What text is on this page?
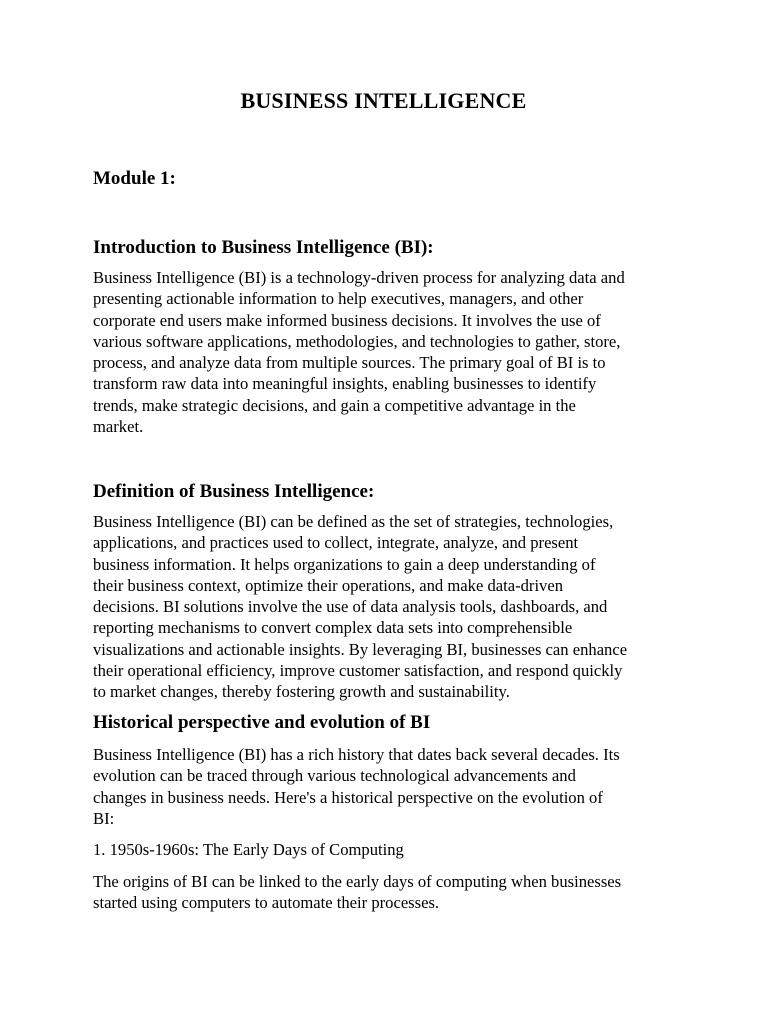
BUSINESS INTELLIGENCE
Module 1:
Introduction to Business Intelligence (BI):

Business Intelligence (BI) is a technology-driven process for analyzing data and
presenting actionable information to help executives, managers, and other
corporate end users make informed business decisions. It involves the use of
various software applications, methodologies, and technologies to gather, store,
process, and analyze data from multiple sources. The primary goal of BI is to
transform raw data into meaningful insights, enabling businesses to identify
trends, make strategic decisions, and gain a competitive advantage in the
market.

Definition of Business Intelligence:

Business Intelligence (BI) can be defined as the set of strategies, technologies,
applications, and practices used to collect, integrate, analyze, and present
business information. It helps organizations to gain a deep understanding of
their business context, optimize their operations, and make data-driven
decisions. BI solutions involve the use of data analysis tools, dashboards, and
reporting mechanisms to convert complex data sets into comprehensible
visualizations and actionable insights. By leveraging BI, businesses can enhance
their operational efficiency, improve customer satisfaction, and respond quickly
to market changes, thereby fostering growth and sustainability.

Historical perspective and evolution of BI

Business Intelligence (BI) has a rich history that dates back several decades. Its
evolution can be traced through various technological advancements and
changes in business needs. Here's a historical perspective on the evolution of
BI:

1. 1950s-1960s: The Early Days of Computing

The origins of BI can be linked to the early days of computing when businesses
started using computers to automate their processes.
